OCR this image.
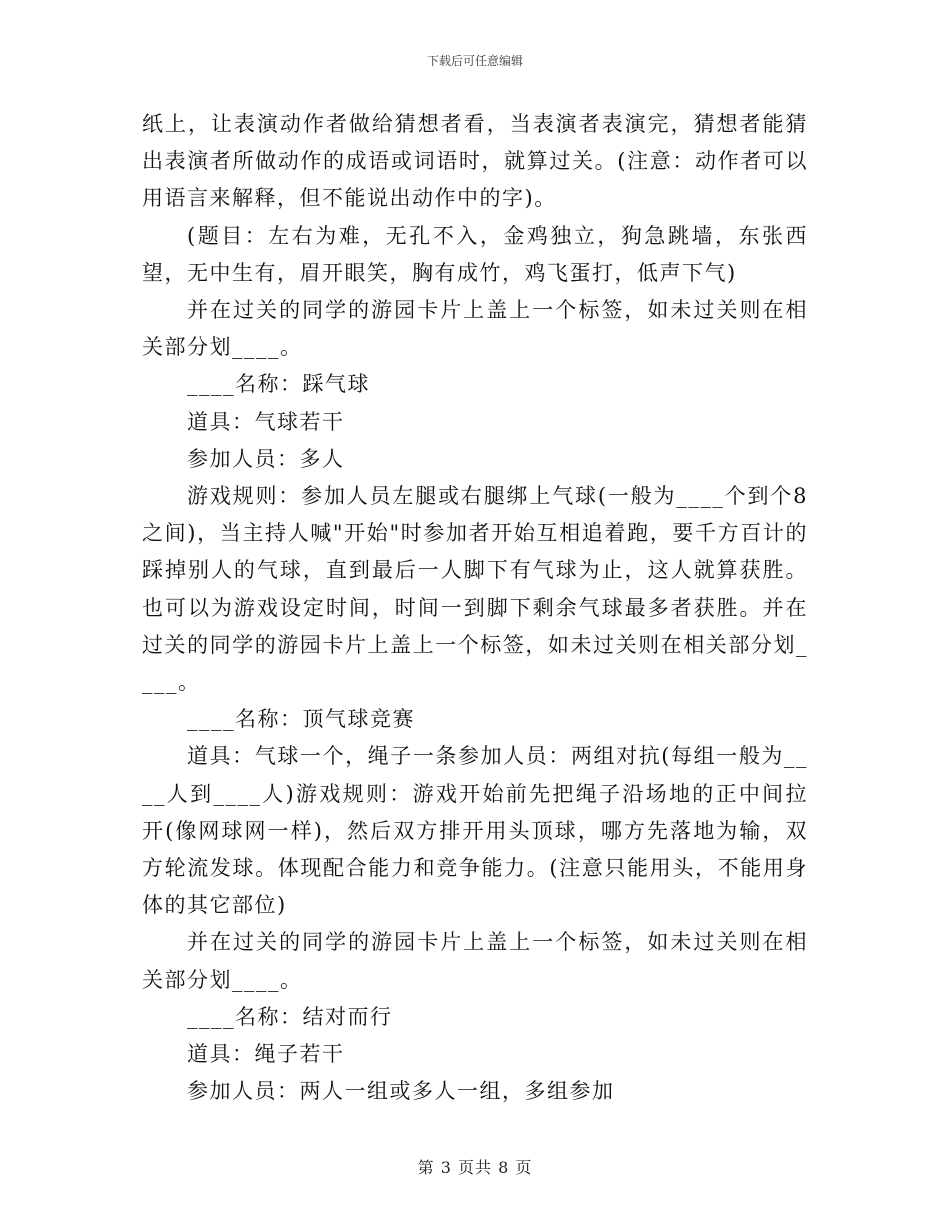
下载后可任意编辑

纸上，让表演动作者做给猜想者看，当表演者表演完，猜想者能猜出表演者所做动作的成语或词语时，就算过关。(注意：动作者可以用语言来解释，但不能说出动作中的字)。

(题目：左右为难，无孔不入，金鸡独立，狗急跳墙，东张西望，无中生有，眉开眼笑，胸有成竹，鸡飞蛋打，低声下气)

并在过关的同学的游园卡片上盖上一个标签，如未过关则在相关部分划____。

____名称：踩气球

道具：气球若干

参加人员：多人

游戏规则：参加人员左腿或右腿绑上气球(一般为____个到个8之间)，当主持人喊"开始"时参加者开始互相追着跑，要千方百计的踩掉别人的气球，直到最后一人脚下有气球为止，这人就算获胜。也可以为游戏设定时间，时间一到脚下剩余气球最多者获胜。并在过关的同学的游园卡片上盖上一个标签，如未过关则在相关部分划____。

____名称：顶气球竞赛

道具：气球一个，绳子一条参加人员：两组对抗(每组一般为____人到____人)游戏规则：游戏开始前先把绳子沿场地的正中间拉开(像网球网一样)，然后双方排开用头顶球，哪方先落地为输，双方轮流发球。体现配合能力和竞争能力。(注意只能用头，不能用身体的其它部位)

并在过关的同学的游园卡片上盖上一个标签，如未过关则在相关部分划____。

____名称：结对而行

道具：绳子若干

参加人员：两人一组或多人一组，多组参加

第 3 页共 8 页
